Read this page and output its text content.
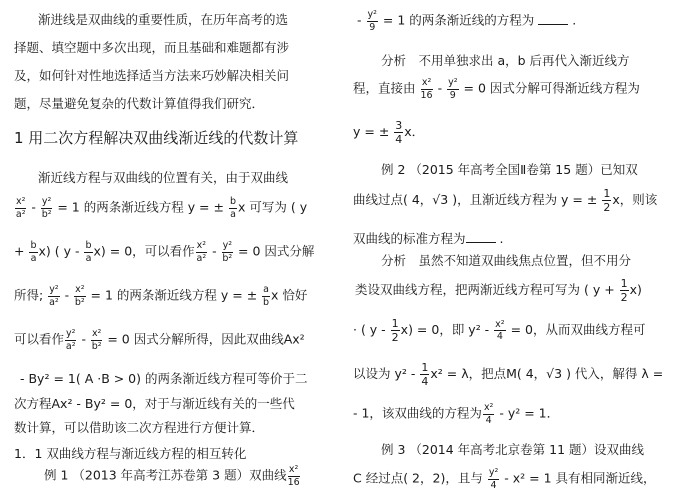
渐进线是双曲线的重要性质，在历年高考的选
择题、填空题中多次出现，而且基础和难题都有涉
及，如何针对性地选择适当方法来巧妙解决相关问
题，尽量避免复杂的代数计算值得我们研究．
1 用二次方程解决双曲线渐近线的代数计算
渐近线方程与双曲线的位置有关，由于双曲线
$\frac{\text{x²}}{\text{a²}} - \frac{\text{y²}}{\text{b²}} = 1$ 的两条渐近线方程 y = ± $\frac{b}{a}$ x 可写为 ( y
+ $\frac{b}{a} x$) ( $y - \frac{b}{a} x) = 0$，可以看作 $\frac{\text{x²}}{\text{a²}} - \frac{\text{y²}}{\text{b²}} = 0$ 因式分解
所得; $\frac{\text{y²}}{\text{a²}} - \frac{\text{x²}}{\text{b²}} = 1$ 的两条渐近线方程 y = ± $\frac{a}{b}$ x 恰好
可以看作 $\frac{\text{y²}}{\text{a²}} - \frac{\text{x²}}{\text{b²}} = 0$ 因式分解所得，因此双曲线Ax²
- By² = 1( A ·B > 0) 的两条渐近线方程可等价于二
次方程Ax² - By² = 0，对于与渐近线有关的一些代
数计算，可以借助该二次方程进行方便计算．
1．1 双曲线方程与渐近线方程的相互转化
例 1 （2013 年高考江苏卷第 3 题）双曲线 $\frac{\text{x²}}{16}$
- $\frac{\text{y²}}{9} = 1$ 的两条渐近线的方程为	.
分析　不用单独求出 a，b 后再代入渐近线方
程，直接由 $\frac{\text{x²}}{16} - \frac{\text{y²}}{9} = 0$ 因式分解可得渐近线方程为
y = ± $\frac{3}{4}$ x．
例 2 （2015 年高考全国Ⅱ卷第 15 题）已知双
曲线过点( 4，√3 )，且渐近线方程为 y = ± $\frac{1}{2}$ x，则该
双曲线的标准方程为	.
分析　虽然不知道双曲线焦点位置，但不用分
类设双曲线方程，把两渐近线方程可写为 ( $y + \frac{1}{2} x$)
· ( $y - \frac{1}{2} x) = 0$，即 $y^2 - \frac{\text{x²}}{4} = 0$，从而双曲线方程可
以设为 $y^2 - \frac{1}{4} x^2 = \lambda$，把点M( 4，√3 ) 代入，解得 λ =
- 1，该双曲线的方程为 $\frac{\text{x²}}{4} - y^2 = 1$．
例 3 （2014 年高考北京卷第 11 题）设双曲线
C 经过点( 2，2)，且与 $\frac{\text{y²}}{4} - x^2 = 1$ 具有相同渐近线，
